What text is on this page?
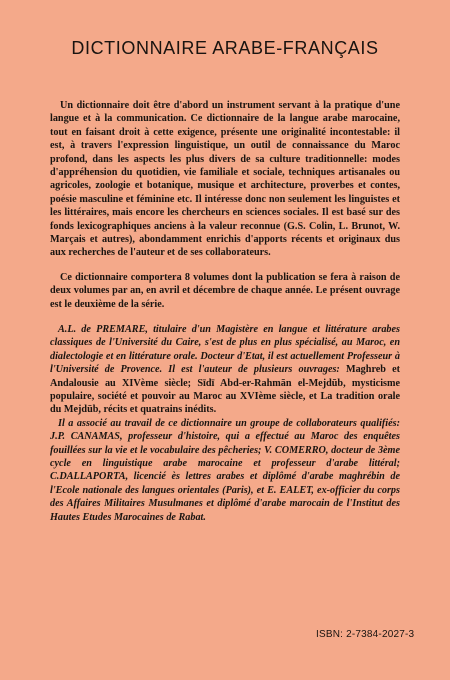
DICTIONNAIRE ARABE-FRANÇAIS

Un dictionnaire doit être d'abord un instrument servant à la pratique d'une langue et à la communication. Ce dictionnaire de la langue arabe marocaine, tout en faisant droit à cette exigence, présente une originalité incontestable: il est, à travers l'expression linguistique, un outil de connaissance du Maroc profond, dans les aspects les plus divers de sa culture traditionnelle: modes d'appréhension du quotidien, vie familiale et sociale, techniques artisanales ou agricoles, zoologie et botanique, musique et architecture, proverbes et contes, poésie masculine et féminine etc. Il intéresse donc non seulement les linguistes et les littéraires, mais encore les chercheurs en sciences sociales. Il est basé sur des fonds lexicographiques anciens à la valeur reconnue (G.S. Colin, L. Brunot, W. Marçais et autres), abondamment enrichis d'apports récents et originaux dus aux recherches de l'auteur et de ses collaborateurs.

Ce dictionnaire comportera 8 volumes dont la publication se fera à raison de deux volumes par an, en avril et décembre de chaque année. Le présent ouvrage est le deuxième de la série.

A.L. de PREMARE, titulaire d'un Magistère en langue et littérature arabes classiques de l'Université du Caire, s'est de plus en plus spécialisé, au Maroc, en dialectologie et en littérature orale. Docteur d'Etat, il est actuellement Professeur à l'Université de Provence. Il est l'auteur de plusieurs ouvrages: Maghreb et Andalousie au XIVème siècle; Sīdī Abd-er-Rahmān el-Mejdūb, mysticisme populaire, société et pouvoir au Maroc au XVIème siècle, et La tradition orale du Mejdūb, récits et quatrains inédits.
Il a associé au travail de ce dictionnaire un groupe de collaborateurs qualifiés: J.P. CANAMAS, professeur d'histoire, qui a effectué au Maroc des enquêtes fouillées sur la vie et le vocabulaire des pêcheries; V. COMERRO, docteur de 3ème cycle en linguistique arabe marocaine et professeur d'arabe littéral; C.DALLAPORTA, licencié ès lettres arabes et diplômé d'arabe maghrébin de l'Ecole nationale des langues orientales (Paris), et E. EALET, ex-officier du corps des Affaires Militaires Musulmanes et diplômé d'arabe marocain de l'Institut des Hautes Etudes Marocaines de Rabat.
ISBN: 2-7384-2027-3
